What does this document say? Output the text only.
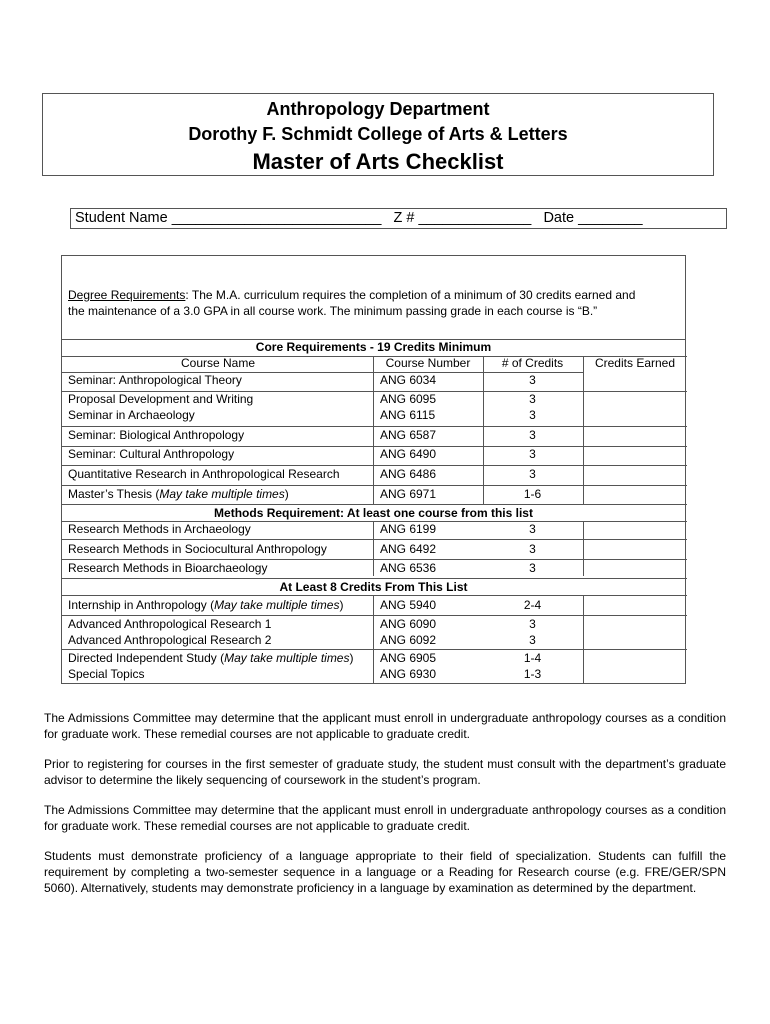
Anthropology Department
Dorothy F. Schmidt College of Arts & Letters
Master of Arts Checklist
Student Name __________________________   Z # ______________   Date ________
Degree Requirements: The M.A. curriculum requires the completion of a minimum of 30 credits earned and
the maintenance of a 3.0 GPA in all course work. The minimum passing grade in each course is “B.”
Core Requirements - 19 Credits Minimum
Course Name	Course Number	# of Credits	Credits Earned
Seminar: Anthropological Theory	ANG 6034	3
Proposal Development and Writing	ANG 6095	3
Seminar in Archaeology	ANG 6115	3
Seminar: Biological Anthropology	ANG 6587	3
Seminar: Cultural Anthropology	ANG 6490	3
Quantitative Research in Anthropological Research	ANG 6486	3
Master’s Thesis (May take multiple times)	ANG 6971	1-6
Methods Requirement: At least one course from this list
Research Methods in Archaeology	ANG 6199	3
Research Methods in Sociocultural Anthropology	ANG 6492	3
Research Methods in Bioarchaeology	ANG 6536	3
At Least 8 Credits From This List
Internship in Anthropology (May take multiple times)	ANG 5940	2-4
Advanced Anthropological Research 1	ANG 6090	3
Advanced Anthropological Research 2	ANG 6092	3
Directed Independent Study (May take multiple times) ANG 6905	1-4
Special Topics	ANG 6930	1-3
The Admissions Committee may determine that the applicant must enroll in undergraduate anthropology courses as a condition for graduate work. These remedial courses are not applicable to graduate credit.
Prior to registering for courses in the first semester of graduate study, the student must consult with the department’s graduate advisor to determine the likely sequencing of coursework in the student’s program.
The Admissions Committee may determine that the applicant must enroll in undergraduate anthropology courses as a condition for graduate work. These remedial courses are not applicable to graduate credit.
Students must demonstrate proficiency of a language appropriate to their field of specialization. Students can fulfill the requirement by completing a two-semester sequence in a language or a Reading for Research course (e.g. FRE/GER/SPN 5060). Alternatively, students may demonstrate proficiency in a language by examination as determined by the department.
